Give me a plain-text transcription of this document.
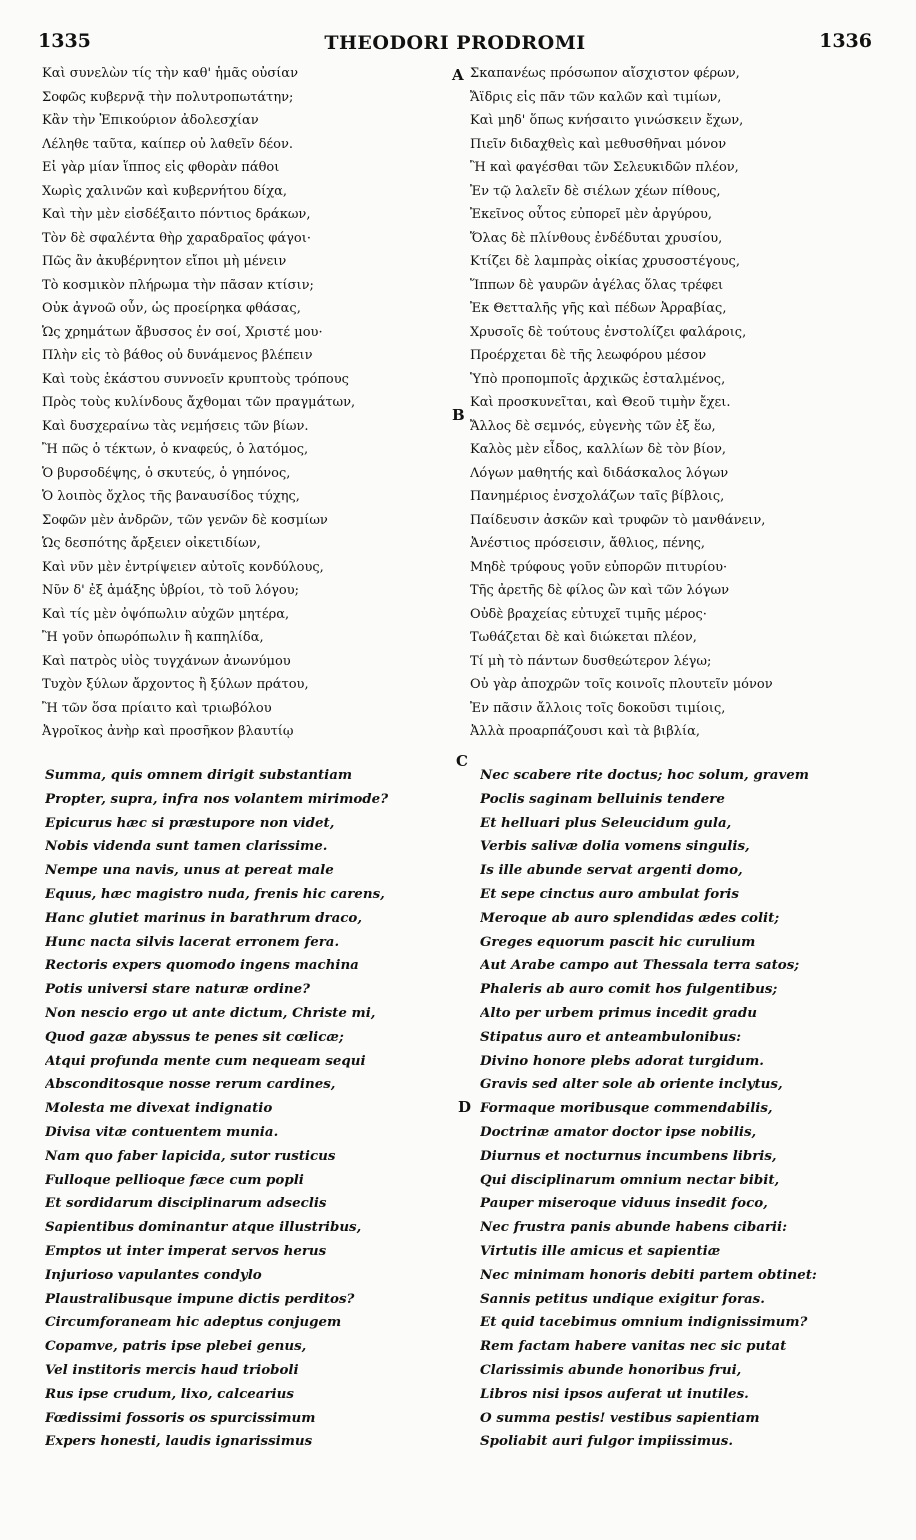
1335	THEODORI PRODROMI	1336
A
B
C
D
Καὶ συνελὼν τίς τὴν καθ' ἡμᾶς οὐσίαν
Σοφῶς κυβερνᾷ τὴν πολυτροπωτάτην;
Κἂν τὴν Ἐπικούριον ἀδολεσχίαν
Λέληθε ταῦτα, καίπερ οὐ λαθεῖν δέον.
Εἰ γὰρ μίαν ἵππος εἰς φθορὰν πάθοι
Χωρὶς χαλινῶν καὶ κυβερνήτου δίχα,
Καὶ τὴν μὲν εἰσδέξαιτο πόντιος δράκων,
Τὸν δὲ σφαλέντα θὴρ χαραδραῖος φάγοι·
Πῶς ἂν ἀκυβέρνητον εἴποι μὴ μένειν
Τὸ κοσμικὸν πλήρωμα τὴν πᾶσαν κτίσιν;
Οὐκ ἀγνοῶ οὖν, ὡς προείρηκα φθάσας,
Ὡς χρημάτων ἄβυσσος ἐν σοί, Χριστέ μου·
Πλὴν εἰς τὸ βάθος οὐ δυνάμενος βλέπειν
Καὶ τοὺς ἑκάστου συννοεῖν κρυπτοὺς τρόπους
Πρὸς τοὺς κυλίνδους ἄχθομαι τῶν πραγμάτων,
Καὶ δυσχεραίνω τὰς νεμήσεις τῶν βίων.
Ἢ πῶς ὁ τέκτων, ὁ κναφεύς, ὁ λατόμος,
Ὁ βυρσοδέψης, ὁ σκυτεύς, ὁ γηπόνος,
Ὁ λοιπὸς ὄχλος τῆς βαναυσίδος τύχης,
Σοφῶν μὲν ἀνδρῶν, τῶν γενῶν δὲ κοσμίων
Ὡς δεσπότης ἄρξειεν οἰκετιδίων,
Καὶ νῦν μὲν ἐντρίψειεν αὐτοῖς κονδύλους,
Νῦν δ' ἐξ ἁμάξης ὑβρίοι, τὸ τοῦ λόγου;
Καὶ τίς μὲν ὀψόπωλιν αὐχῶν μητέρα,
Ἢ γοῦν ὀπωρόπωλιν ἢ καπηλίδα,
Καὶ πατρὸς υἱὸς τυγχάνων ἀνωνύμου
Τυχὸν ξύλων ἄρχοντος ἢ ξύλων πράτου,
Ἢ τῶν ὅσα πρίαιτο καὶ τριωβόλου
Ἀγροῖκος ἀνὴρ καὶ προσῆκον βλαυτίῳ
Σκαπανέως πρόσωπον αἴσχιστον φέρων,
Ἄϊδρις εἰς πᾶν τῶν καλῶν καὶ τιμίων,
Καὶ μηδ' ὅπως κνήσαιτο γινώσκειν ἔχων,
Πιεῖν διδαχθεὶς καὶ μεθυσθῆναι μόνον
Ἢ καὶ φαγέσθαι τῶν Σελευκιδῶν πλέον,
Ἐν τῷ λαλεῖν δὲ σιέλων χέων πίθους,
Ἐκεῖνος οὗτος εὐπορεῖ μὲν ἀργύρου,
Ὅλας δὲ πλίνθους ἐνδέδυται χρυσίου,
Κτίζει δὲ λαμπρὰς οἰκίας χρυσοστέγους,
Ἵππων δὲ γαυρῶν ἀγέλας ὅλας τρέφει
Ἐκ Θετταλῆς γῆς καὶ πέδων Ἀρραβίας,
Χρυσοῖς δὲ τούτους ἐνστολίζει φαλάροις,
Προέρχεται δὲ τῆς λεωφόρου μέσον
Ὑπὸ προπομποῖς ἀρχικῶς ἐσταλμένος,
Καὶ προσκυνεῖται, καὶ Θεοῦ τιμὴν ἔχει.
Ἄλλος δὲ σεμνός, εὐγενὴς τῶν ἐξ ἕω,
Καλὸς μὲν εἶδος, καλλίων δὲ τὸν βίον,
Λόγων μαθητής καὶ διδάσκαλος λόγων
Πανημέριος ἐνσχολάζων ταῖς βίβλοις,
Παίδευσιν ἀσκῶν καὶ τρυφῶν τὸ μανθάνειν,
Ἀνέστιος πρόσεισιν, ἄθλιος, πένης,
Μηδὲ τρύφους γοῦν εὐπορῶν πιτυρίου·
Τῆς ἀρετῆς δὲ φίλος ὢν καὶ τῶν λόγων
Οὐδὲ βραχείας εὐτυχεῖ τιμῆς μέρος·
Τωθάζεται δὲ καὶ διώκεται πλέον,
Τί μὴ τὸ πάντων δυσθεώτερον λέγω;
Οὐ γὰρ ἀποχρῶν τοῖς κοινοῖς πλουτεῖν μόνον
Ἐν πᾶσιν ἄλλοις τοῖς δοκοῦσι τιμίοις,
Ἀλλὰ προαρπάζουσι καὶ τὰ βιβλία,
Summa, quis omnem dirigit substantiam
Propter, supra, infra nos volantem mirimode?
Epicurus hæc si præstupore non videt,
Nobis videnda sunt tamen clarissime.
Nempe una navis, unus at pereat male
Equus, hæc magistro nuda, frenis hic carens,
Hanc glutiet marinus in barathrum draco,
Hunc nacta silvis lacerat erronem fera.
Rectoris expers quomodo ingens machina
Potis universi stare naturæ ordine?
Non nescio ergo ut ante dictum, Christe mi,
Quod gazæ abyssus te penes sit cœlicæ;
Atqui profunda mente cum nequeam sequi
Absconditosque nosse rerum cardines,
Molesta me divexat indignatio
Divisa vitæ contuentem munia.
Nam quo faber lapicida, sutor rusticus
Fulloque pellioque fæce cum popli
Et sordidarum disciplinarum adseclis
Sapientibus dominantur atque illustribus,
Emptos ut inter imperat servos herus
Injurioso vapulantes condylo
Plaustralibusque impune dictis perditos?
Circumforaneam hic adeptus conjugem
Copamve, patris ipse plebei genus,
Vel institoris mercis haud trioboli
Rus ipse crudum, lixo, calcearius
Fœdissimi fossoris os spurcissimum
Expers honesti, laudis ignarissimus
Nec scabere rite doctus; hoc solum, gravem
Poclis saginam belluinis tendere
Et helluari plus Seleucidum gula,
Verbis salivæ dolia vomens singulis,
Is ille abunde servat argenti domo,
Et sepe cinctus auro ambulat foris
Meroque ab auro splendidas ædes colit;
Greges equorum pascit hic curulium
Aut Arabe campo aut Thessala terra satos;
Phaleris ab auro comit hos fulgentibus;
Alto per urbem primus incedit gradu
Stipatus auro et anteambulonibus:
Divino honore plebs adorat turgidum.
Gravis sed alter sole ab oriente inclytus,
Formaque moribusque commendabilis,
Doctrinæ amator doctor ipse nobilis,
Diurnus et nocturnus incumbens libris,
Qui disciplinarum omnium nectar bibit,
Pauper miseroque viduus insedit foco,
Nec frustra panis abunde habens cibarii:
Virtutis ille amicus et sapientiæ
Nec minimam honoris debiti partem obtinet:
Sannis petitus undique exigitur foras.
Et quid tacebimus omnium indignissimum?
Rem factam habere vanitas nec sic putat
Clarissimis abunde honoribus frui,
Libros nisi ipsos auferat ut inutiles.
O summa pestis! vestibus sapientiam
Spoliabit auri fulgor impiissimus.
